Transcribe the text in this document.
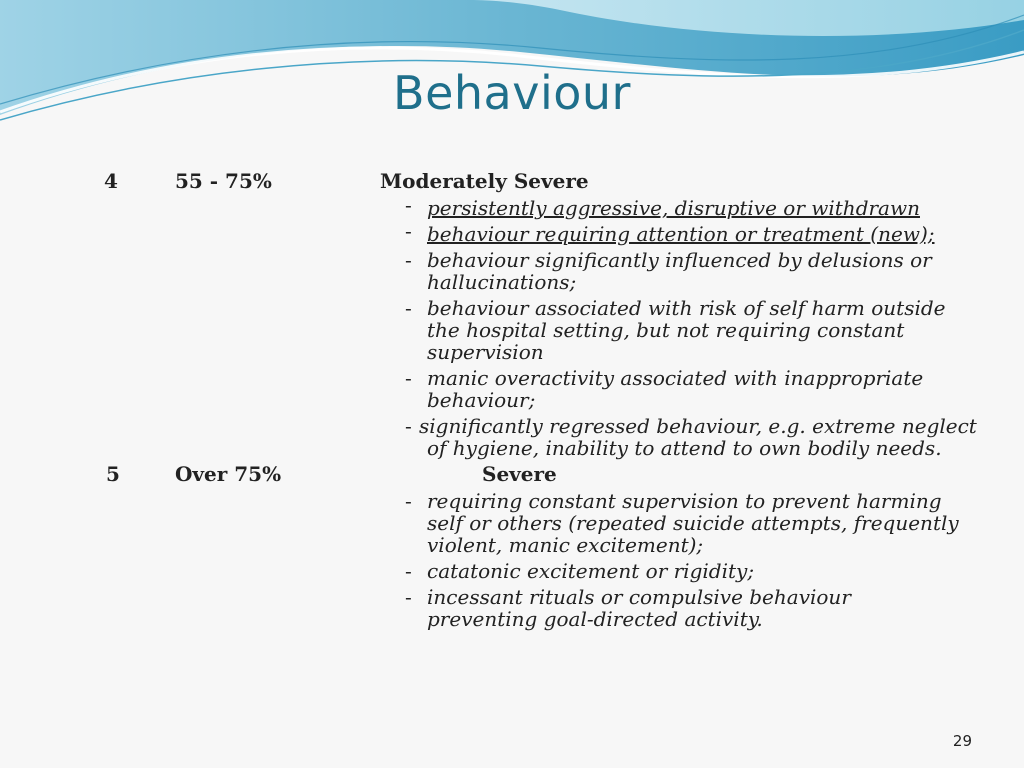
Behaviour
4	55 - 75%	Moderately Severe
- persistently aggressive, disruptive or withdrawn
- behaviour requiring attention or treatment (new);
- behaviour significantly influenced by delusions or
hallucinations;
- behaviour associated with risk of self harm outside
the hospital setting, but not requiring constant
supervision
- manic overactivity associated with inappropriate
behaviour;
- significantly regressed behaviour, e.g. extreme neglect
of hygiene, inability to attend to own bodily needs.
5	Over 75%	Severe
- requiring constant supervision to prevent harming
self or others (repeated suicide attempts, frequently
violent, manic excitement);
- catatonic excitement or rigidity;
- incessant rituals or compulsive behaviour
preventing goal-directed activity.
29
